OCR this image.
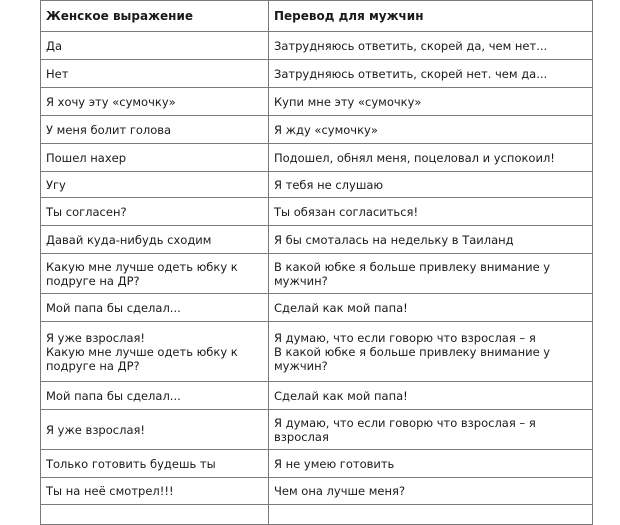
Женское выражение	Перевод для мужчин

Да	Затрудняюсь ответить, скорей да, чем нет...

Нет	Затрудняюсь ответить, скорей нет. чем да...

Я хочу эту «сумочку»	Купи мне эту «сумочку»

У меня болит голова	Я жду «сумочку»

Пошел нахер	Подошел, обнял меня, поцеловал и успокоил!

Угу	Я тебя не слушаю

Ты согласен?	Ты обязан согласиться!

Давай куда-нибудь сходим	Я бы смоталась на недельку в Таиланд

Какую мне лучше одеть юбку к
подруге на ДР?	В какой юбке я больше привлеку внимание у
мужчин?

Мой папа бы сделал...	Сделай как мой папа!

Я уже взрослая!
Какую мне лучше одеть юбку к
подруге на ДР?	Я думаю, что если говорю что взрослая – я
В какой юбке я больше привлеку внимание у
мужчин?

Мой папа бы сделал...	Сделай как мой папа!

Я уже взрослая!	Я думаю, что если говорю что взрослая – я
взрослая

Только готовить будешь ты	Я не умею готовить

Ты на неё смотрел!!!	Чем она лучше меня?
